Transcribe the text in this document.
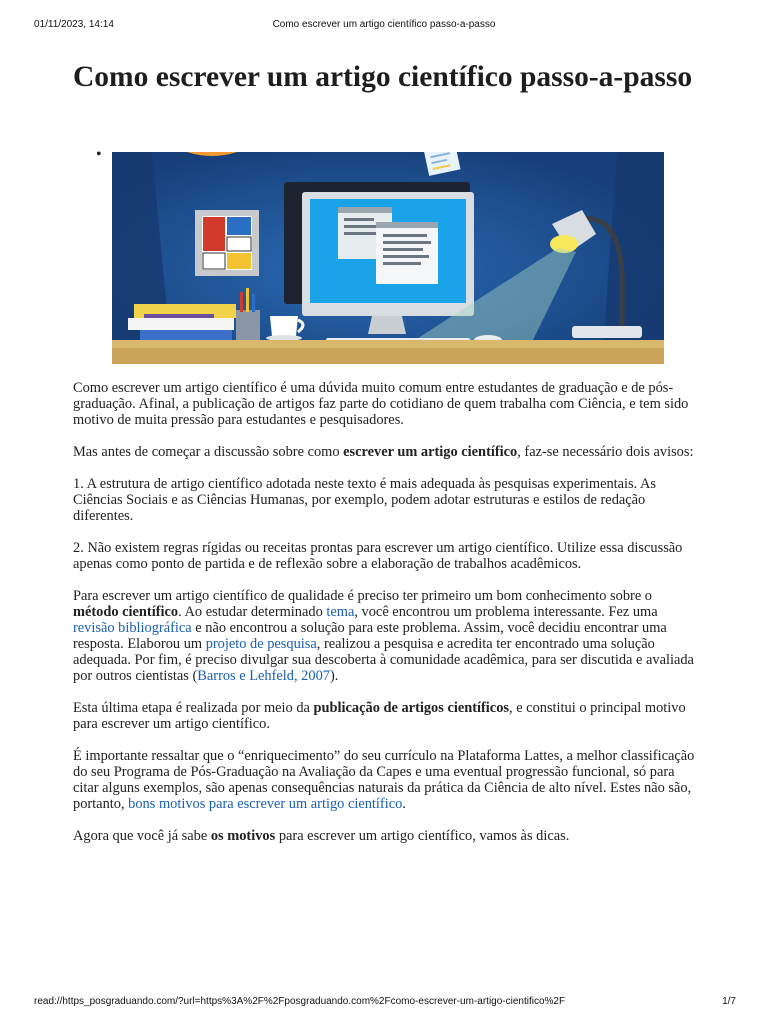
01/11/2023, 14:14	Como escrever um artigo científico passo-a-passo
Como escrever um artigo científico passo-a-passo
•

Como escrever um artigo científico é uma dúvida muito comum entre estudantes de graduação e de pós-graduação. Afinal, a publicação de artigos faz parte do cotidiano de quem trabalha com Ciência, e tem sido motivo de muita pressão para estudantes e pesquisadores.

Mas antes de começar a discussão sobre como escrever um artigo científico, faz-se necessário dois avisos:

1. A estrutura de artigo científico adotada neste texto é mais adequada às pesquisas experimentais. As Ciências Sociais e as Ciências Humanas, por exemplo, podem adotar estruturas e estilos de redação diferentes.

2. Não existem regras rígidas ou receitas prontas para escrever um artigo científico. Utilize essa discussão apenas como ponto de partida e de reflexão sobre a elaboração de trabalhos acadêmicos.

Para escrever um artigo científico de qualidade é preciso ter primeiro um bom conhecimento sobre o método científico. Ao estudar determinado tema, você encontrou um problema interessante. Fez uma revisão bibliográfica e não encontrou a solução para este problema. Assim, você decidiu encontrar uma resposta. Elaborou um projeto de pesquisa, realizou a pesquisa e acredita ter encontrado uma solução adequada. Por fim, é preciso divulgar sua descoberta à comunidade acadêmica, para ser discutida e avaliada por outros cientistas (Barros e Lehfeld, 2007).

Esta última etapa é realizada por meio da publicação de artigos científicos, e constitui o principal motivo para escrever um artigo científico.

É importante ressaltar que o “enriquecimento” do seu currículo na Plataforma Lattes, a melhor classificação do seu Programa de Pós-Graduação na Avaliação da Capes e uma eventual progressão funcional, só para citar alguns exemplos, são apenas consequências naturais da prática da Ciência de alto nível. Estes não são, portanto, bons motivos para escrever um artigo científico.

Agora que você já sabe os motivos para escrever um artigo científico, vamos às dicas.

read://https_posgraduando.com/?url=https%3A%2F%2Fposgraduando.com%2Fcomo-escrever-um-artigo-cientifico%2F	1/7
